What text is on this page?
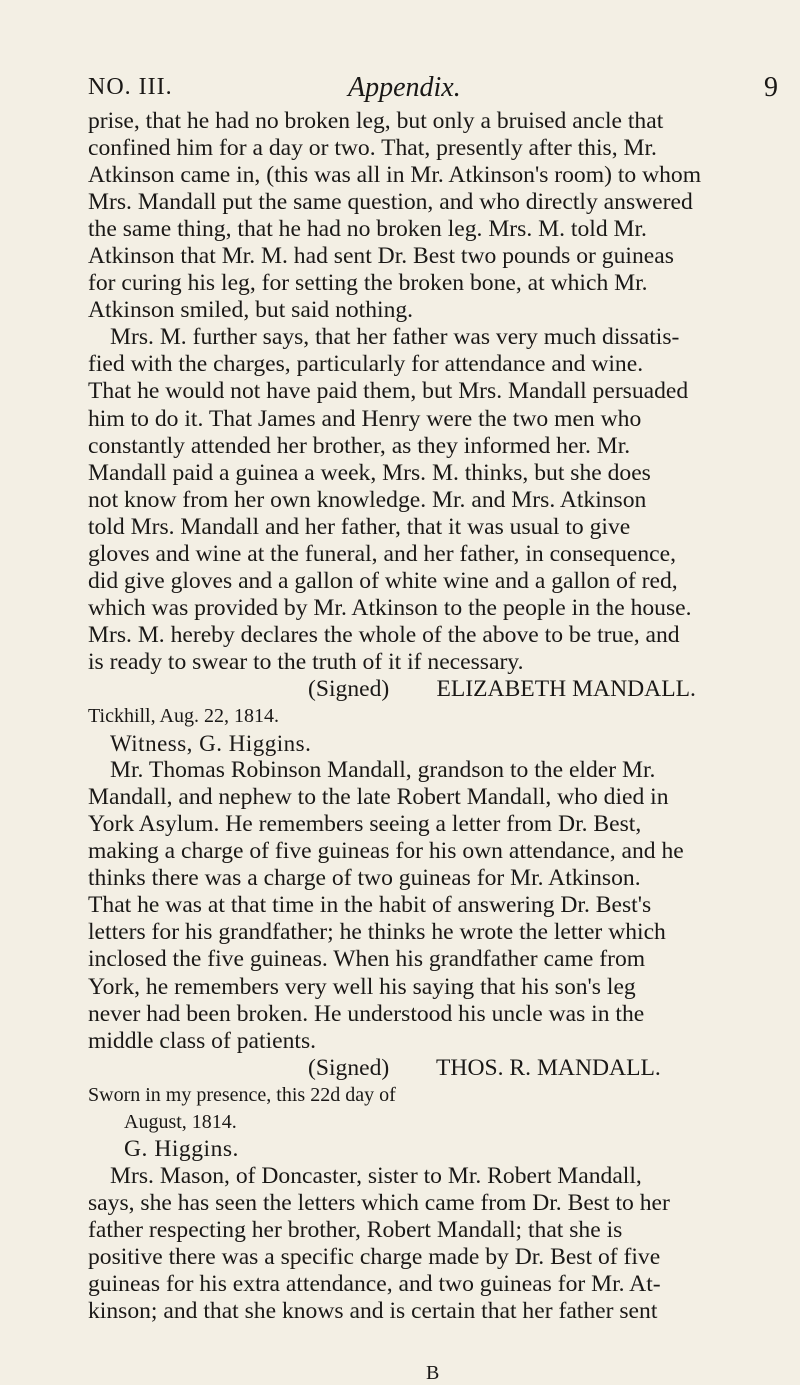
NO. III.	Appendix.	9

prise, that he had no broken leg, but only a bruised ancle that

confined him for a day or two. That, presently after this, Mr.

Atkinson came in, (this was all in Mr. Atkinson's room) to whom

Mrs. Mandall put the same question, and who directly answered

the same thing, that he had no broken leg. Mrs. M. told Mr.

Atkinson that Mr. M. had sent Dr. Best two pounds or guineas

for curing his leg, for setting the broken bone, at which Mr.

Atkinson smiled, but said nothing.

Mrs. M. further says, that her father was very much dissatis-

fied with the charges, particularly for attendance and wine.

That he would not have paid them, but Mrs. Mandall persuaded

him to do it. That James and Henry were the two men who

constantly attended her brother, as they informed her. Mr.

Mandall paid a guinea a week, Mrs. M. thinks, but she does

not know from her own knowledge. Mr. and Mrs. Atkinson

told Mrs. Mandall and her father, that it was usual to give

gloves and wine at the funeral, and her father, in consequence,

did give gloves and a gallon of white wine and a gallon of red,

which was provided by Mr. Atkinson to the people in the house.

Mrs. M. hereby declares the whole of the above to be true, and

is ready to swear to the truth of it if necessary.

(Signed)        ELIZABETH MANDALL.

Tickhill, Aug. 22, 1814.

Witness, G. Higgins.

Mr. Thomas Robinson Mandall, grandson to the elder Mr.

Mandall, and nephew to the late Robert Mandall, who died in

York Asylum. He remembers seeing a letter from Dr. Best,

making a charge of five guineas for his own attendance, and he

thinks there was a charge of two guineas for Mr. Atkinson.

That he was at that time in the habit of answering Dr. Best's

letters for his grandfather; he thinks he wrote the letter which

inclosed the five guineas. When his grandfather came from

York, he remembers very well his saying that his son's leg

never had been broken. He understood his uncle was in the

middle class of patients.

(Signed)        THOS. R. MANDALL.

Sworn in my presence, this 22d day of

August, 1814.

G. Higgins.

Mrs. Mason, of Doncaster, sister to Mr. Robert Mandall,

says, she has seen the letters which came from Dr. Best to her

father respecting her brother, Robert Mandall; that she is

positive there was a specific charge made by Dr. Best of five

guineas for his extra attendance, and two guineas for Mr. At-

kinson; and that she knows and is certain that her father sent

B
